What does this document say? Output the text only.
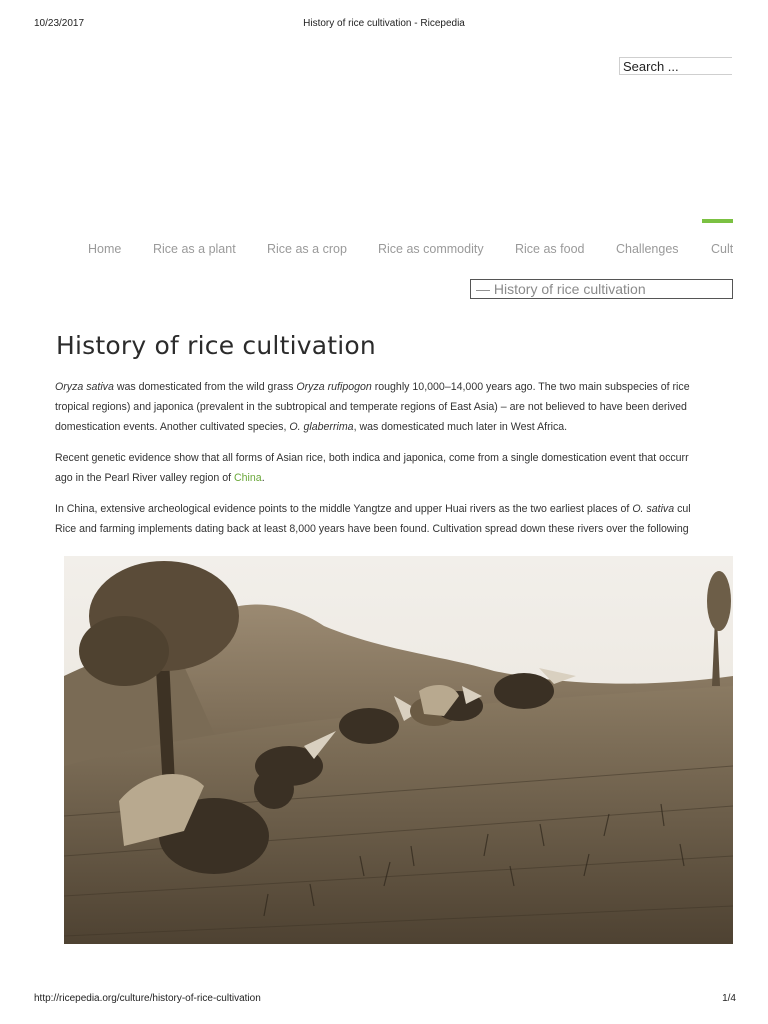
10/23/2017	History of rice cultivation - Ricepedia
Search ...
Home	Rice as a plant	Rice as a crop Rice as commodity	Rice as food	Challenges	Cult
— History of rice cultivation
History of rice cultivation
Oryza sativa was domesticated from the wild grass Oryza rufipogon roughly 10,000–14,000 years ago. The two main subspecies of rice
tropical regions) and japonica (prevalent in the subtropical and temperate regions of East Asia) – are not believed to have been derived
domestication events. Another cultivated species, O. glaberrima, was domesticated much later in West Africa.
Recent genetic evidence show that all forms of Asian rice, both indica and japonica, come from a single domestication event that occurr
ago in the Pearl River valley region of China.
In China, extensive archeological evidence points to the middle Yangtze and upper Huai rivers as the two earliest places of O. sativa cul
Rice and farming implements dating back at least 8,000 years have been found. Cultivation spread down these rivers over the following
http://ricepedia.org/culture/history-of-rice-cultivation	1/4
